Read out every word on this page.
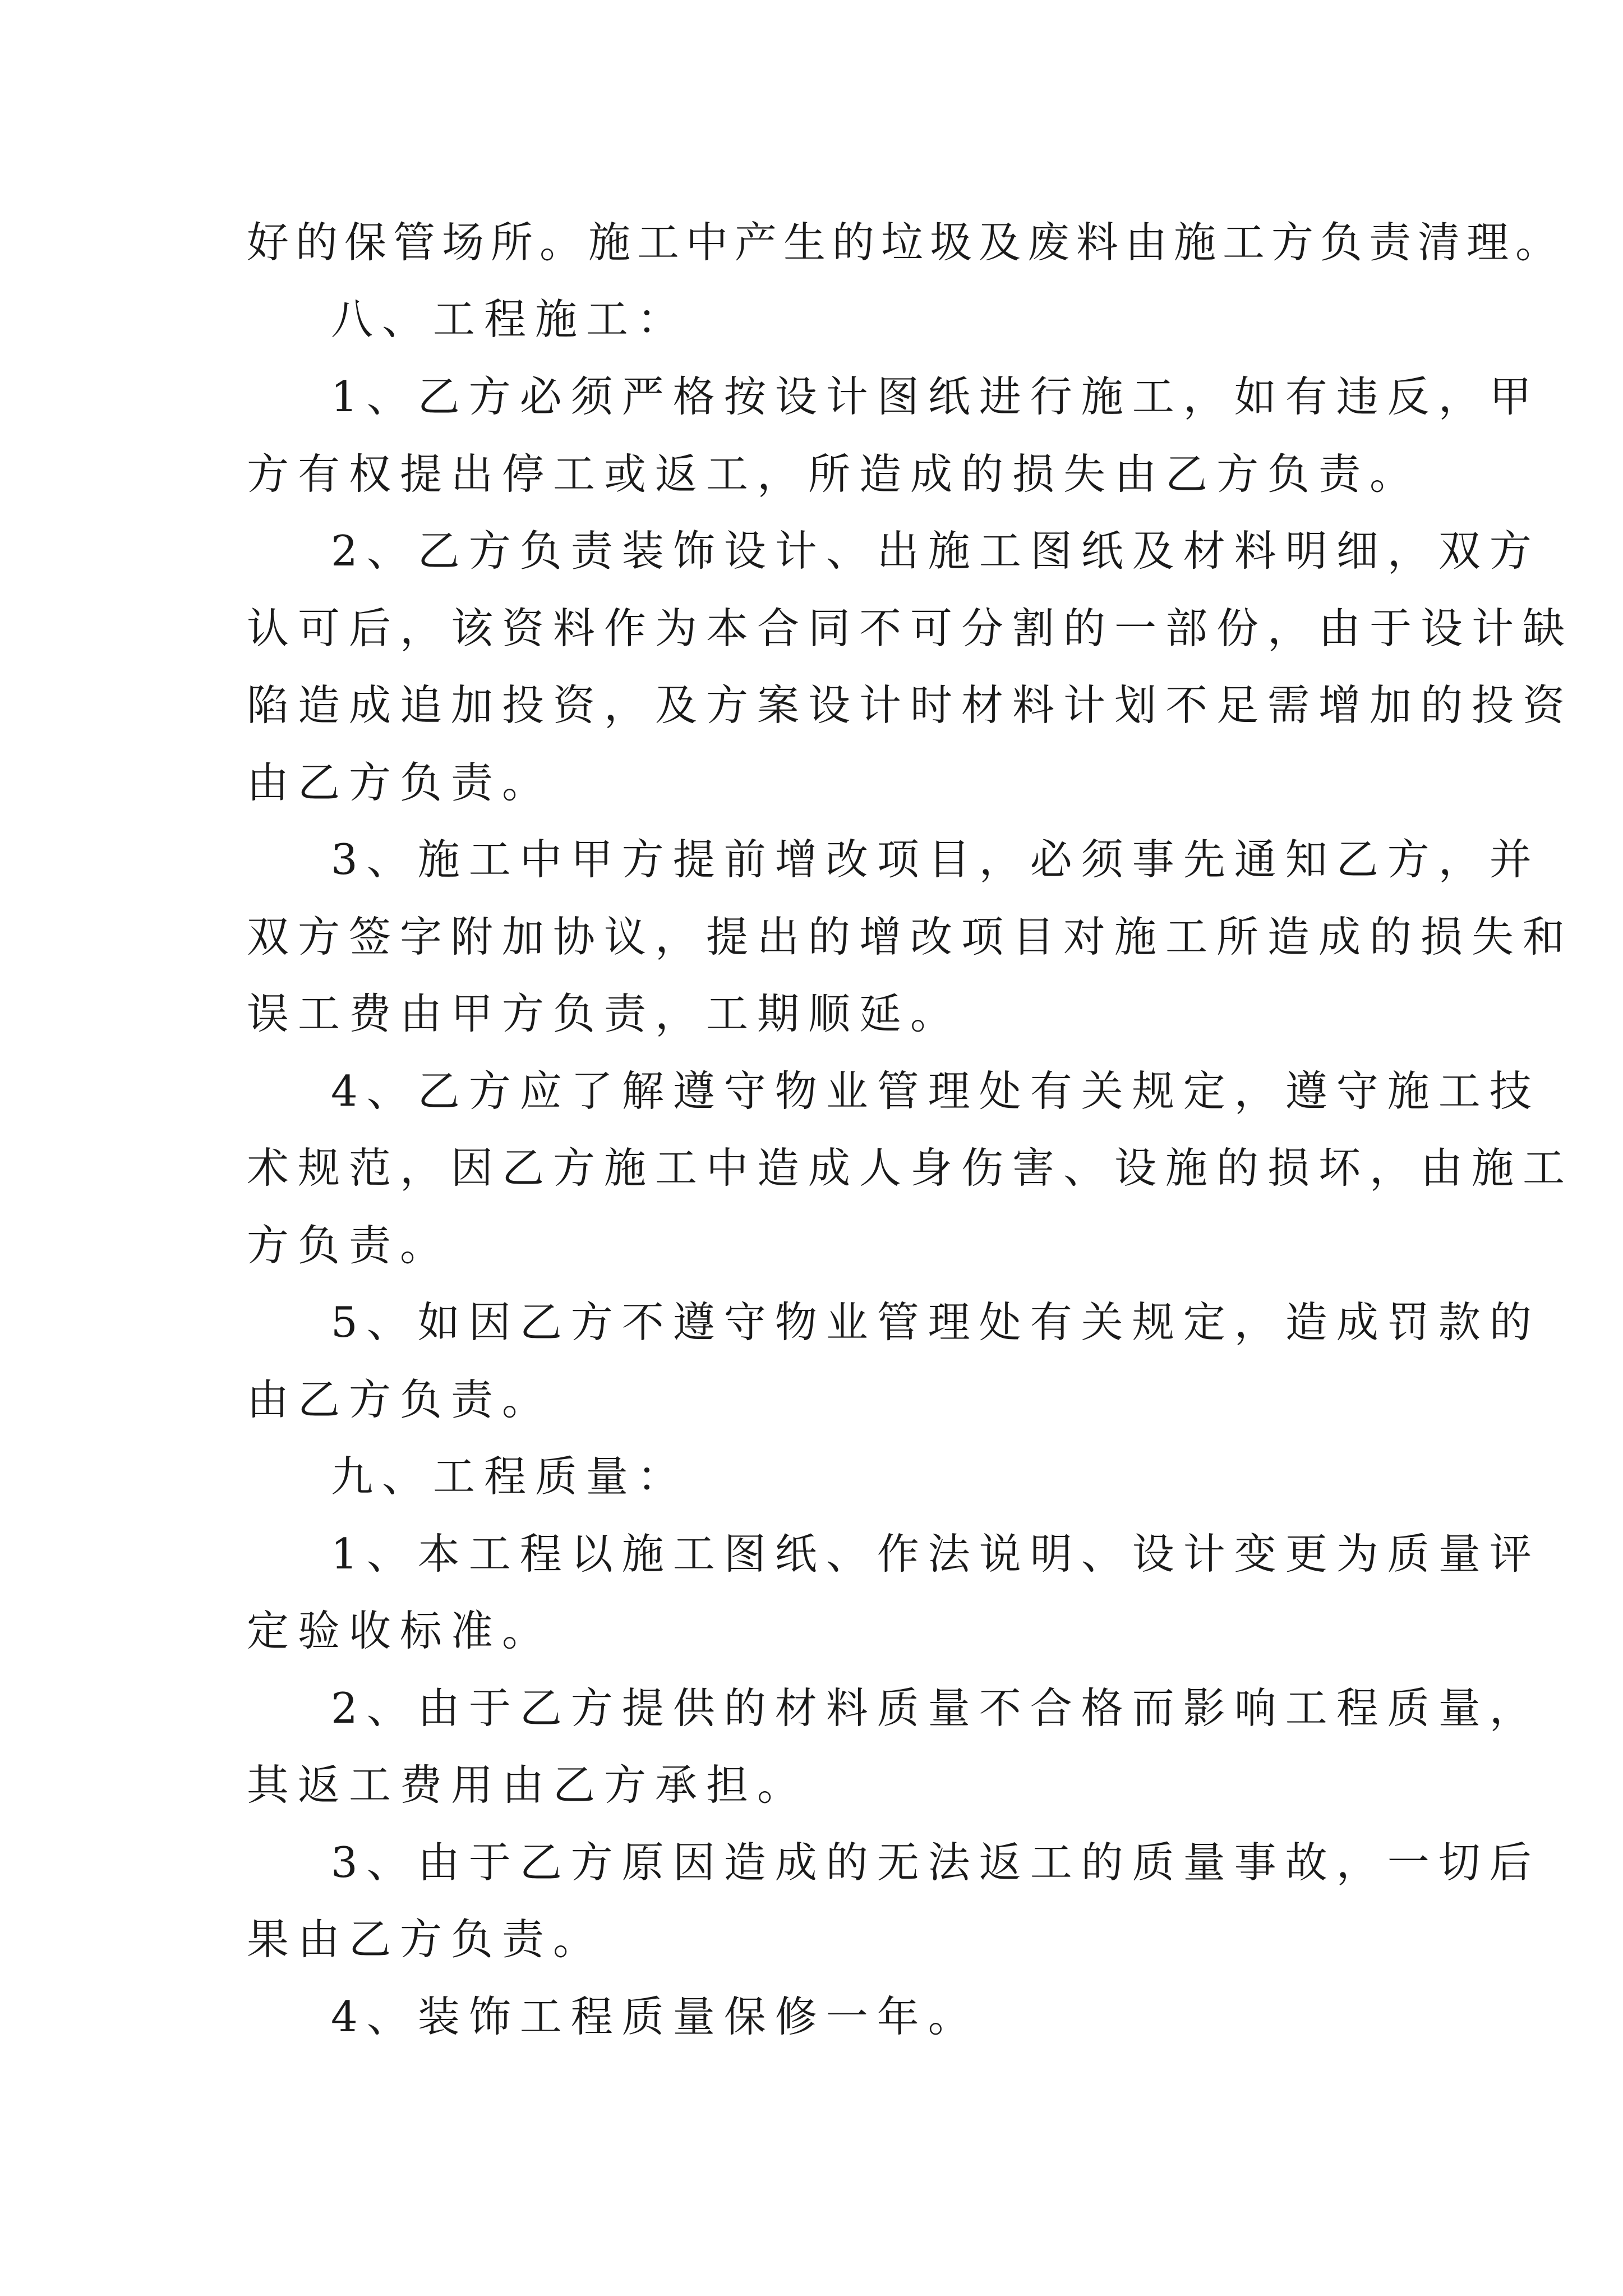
好的保管场所。施工中产生的垃圾及废料由施工方负责清理。
八、工程施工：
1、乙方必须严格按设计图纸进行施工，如有违反，甲
方有权提出停工或返工，所造成的损失由乙方负责。
2、乙方负责装饰设计、出施工图纸及材料明细，双方
认可后，该资料作为本合同不可分割的一部份，由于设计缺
陷造成追加投资，及方案设计时材料计划不足需增加的投资
由乙方负责。
3、施工中甲方提前增改项目，必须事先通知乙方，并
双方签字附加协议，提出的增改项目对施工所造成的损失和
误工费由甲方负责，工期顺延。
4、乙方应了解遵守物业管理处有关规定，遵守施工技
术规范，因乙方施工中造成人身伤害、设施的损坏，由施工
方负责。
5、如因乙方不遵守物业管理处有关规定，造成罚款的
由乙方负责。
九、工程质量：
1、本工程以施工图纸、作法说明、设计变更为质量评
定验收标准。
2、由于乙方提供的材料质量不合格而影响工程质量，
其返工费用由乙方承担。
3、由于乙方原因造成的无法返工的质量事故，一切后
果由乙方负责。
4、装饰工程质量保修一年。
